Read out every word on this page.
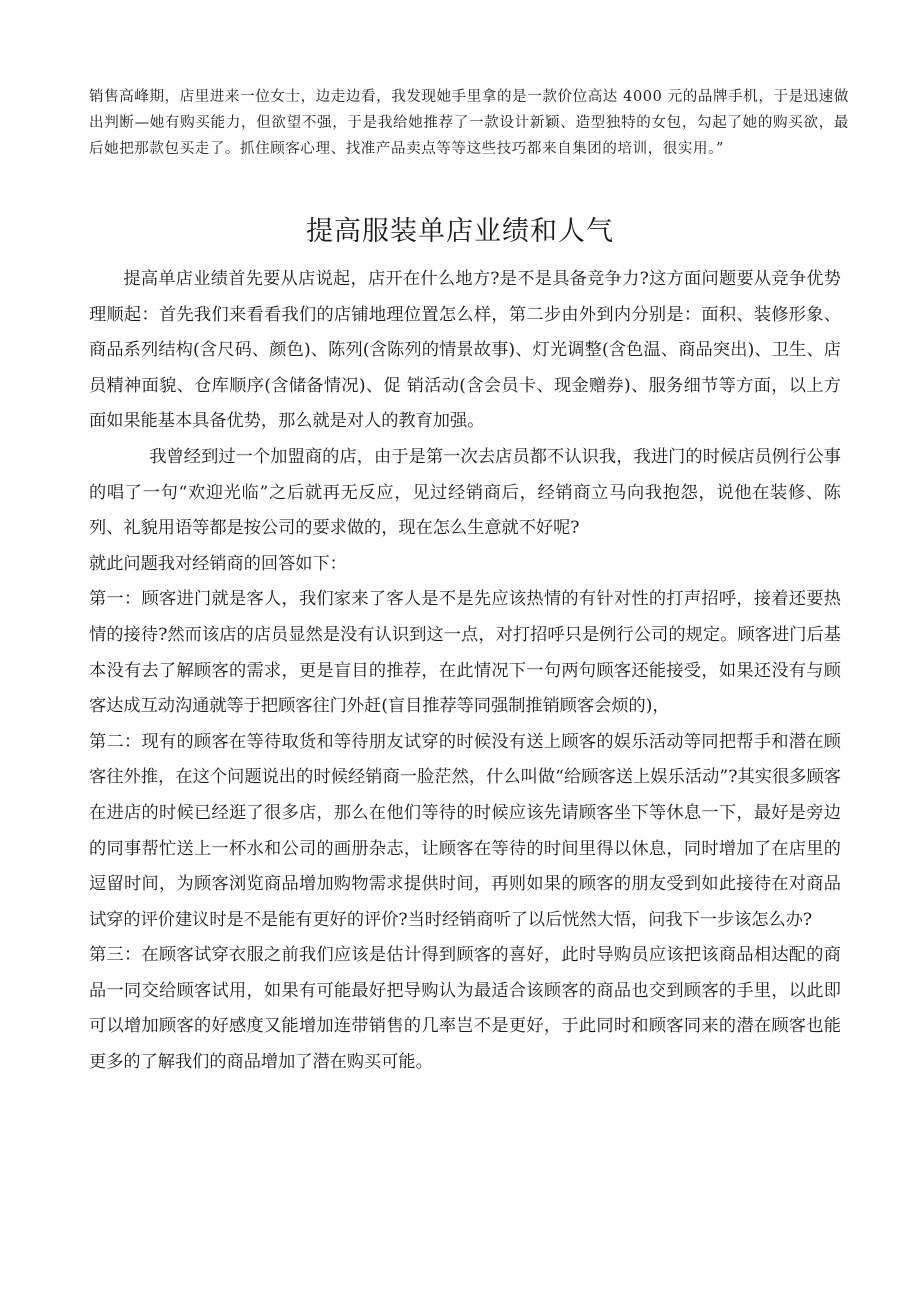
销售高峰期，店里进来一位女士，边走边看，我发现她手里拿的是一款价位高达 4000 元的品牌手机，于是迅速做出判断—她有购买能力，但欲望不强，于是我给她推荐了一款设计新颖、造型独特的女包，勾起了她的购买欲，最后她把那款包买走了。抓住顾客心理、找准产品卖点等等这些技巧都来自集团的培训，很实用。”

提高服装单店业绩和人气

提高单店业绩首先要从店说起，店开在什么地方?是不是具备竞争力?这方面问题要从竞争优势理顺起：首先我们来看看我们的店铺地理位置怎么样，第二步由外到内分别是：面积、装修形象、商品系列结构(含尺码、颜色)、陈列(含陈列的情景故事)、灯光调整(含色温、商品突出)、卫生、店员精神面貌、仓库顺序(含储备情况)、促 销活动(含会员卡、现金赠券)、服务细节等方面，以上方面如果能基本具备优势，那么就是对人的教育加强。

我曾经到过一个加盟商的店，由于是第一次去店员都不认识我，我进门的时候店员例行公事的唱了一句“欢迎光临”之后就再无反应，见过经销商后，经销商立马向我抱怨，说他在装修、陈列、礼貌用语等都是按公司的要求做的，现在怎么生意就不好呢?

就此问题我对经销商的回答如下：

第一：顾客进门就是客人，我们家来了客人是不是先应该热情的有针对性的打声招呼，接着还要热情的接待?然而该店的店员显然是没有认识到这一点，对打招呼只是例行公司的规定。顾客进门后基本没有去了解顾客的需求，更是盲目的推荐，在此情况下一句两句顾客还能接受，如果还没有与顾客达成互动沟通就等于把顾客往门外赶(盲目推荐等同强制推销顾客会烦的)，

第二：现有的顾客在等待取货和等待朋友试穿的时候没有送上顾客的娱乐活动等同把帮手和潜在顾客往外推，在这个问题说出的时候经销商一脸茫然，什么叫做“给顾客送上娱乐活动”?其实很多顾客在进店的时候已经逛了很多店，那么在他们等待的时候应该先请顾客坐下等休息一下，最好是旁边的同事帮忙送上一杯水和公司的画册杂志，让顾客在等待的时间里得以休息，同时增加了在店里的逗留时间，为顾客浏览商品增加购物需求提供时间，再则如果的顾客的朋友受到如此接待在对商品试穿的评价建议时是不是能有更好的评价?当时经销商听了以后恍然大悟，问我下一步该怎么办?

第三：在顾客试穿衣服之前我们应该是估计得到顾客的喜好，此时导购员应该把该商品相达配的商品一同交给顾客试用，如果有可能最好把导购认为最适合该顾客的商品也交到顾客的手里，以此即可以增加顾客的好感度又能增加连带销售的几率岂不是更好，于此同时和顾客同来的潜在顾客也能更多的了解我们的商品增加了潜在购买可能。
